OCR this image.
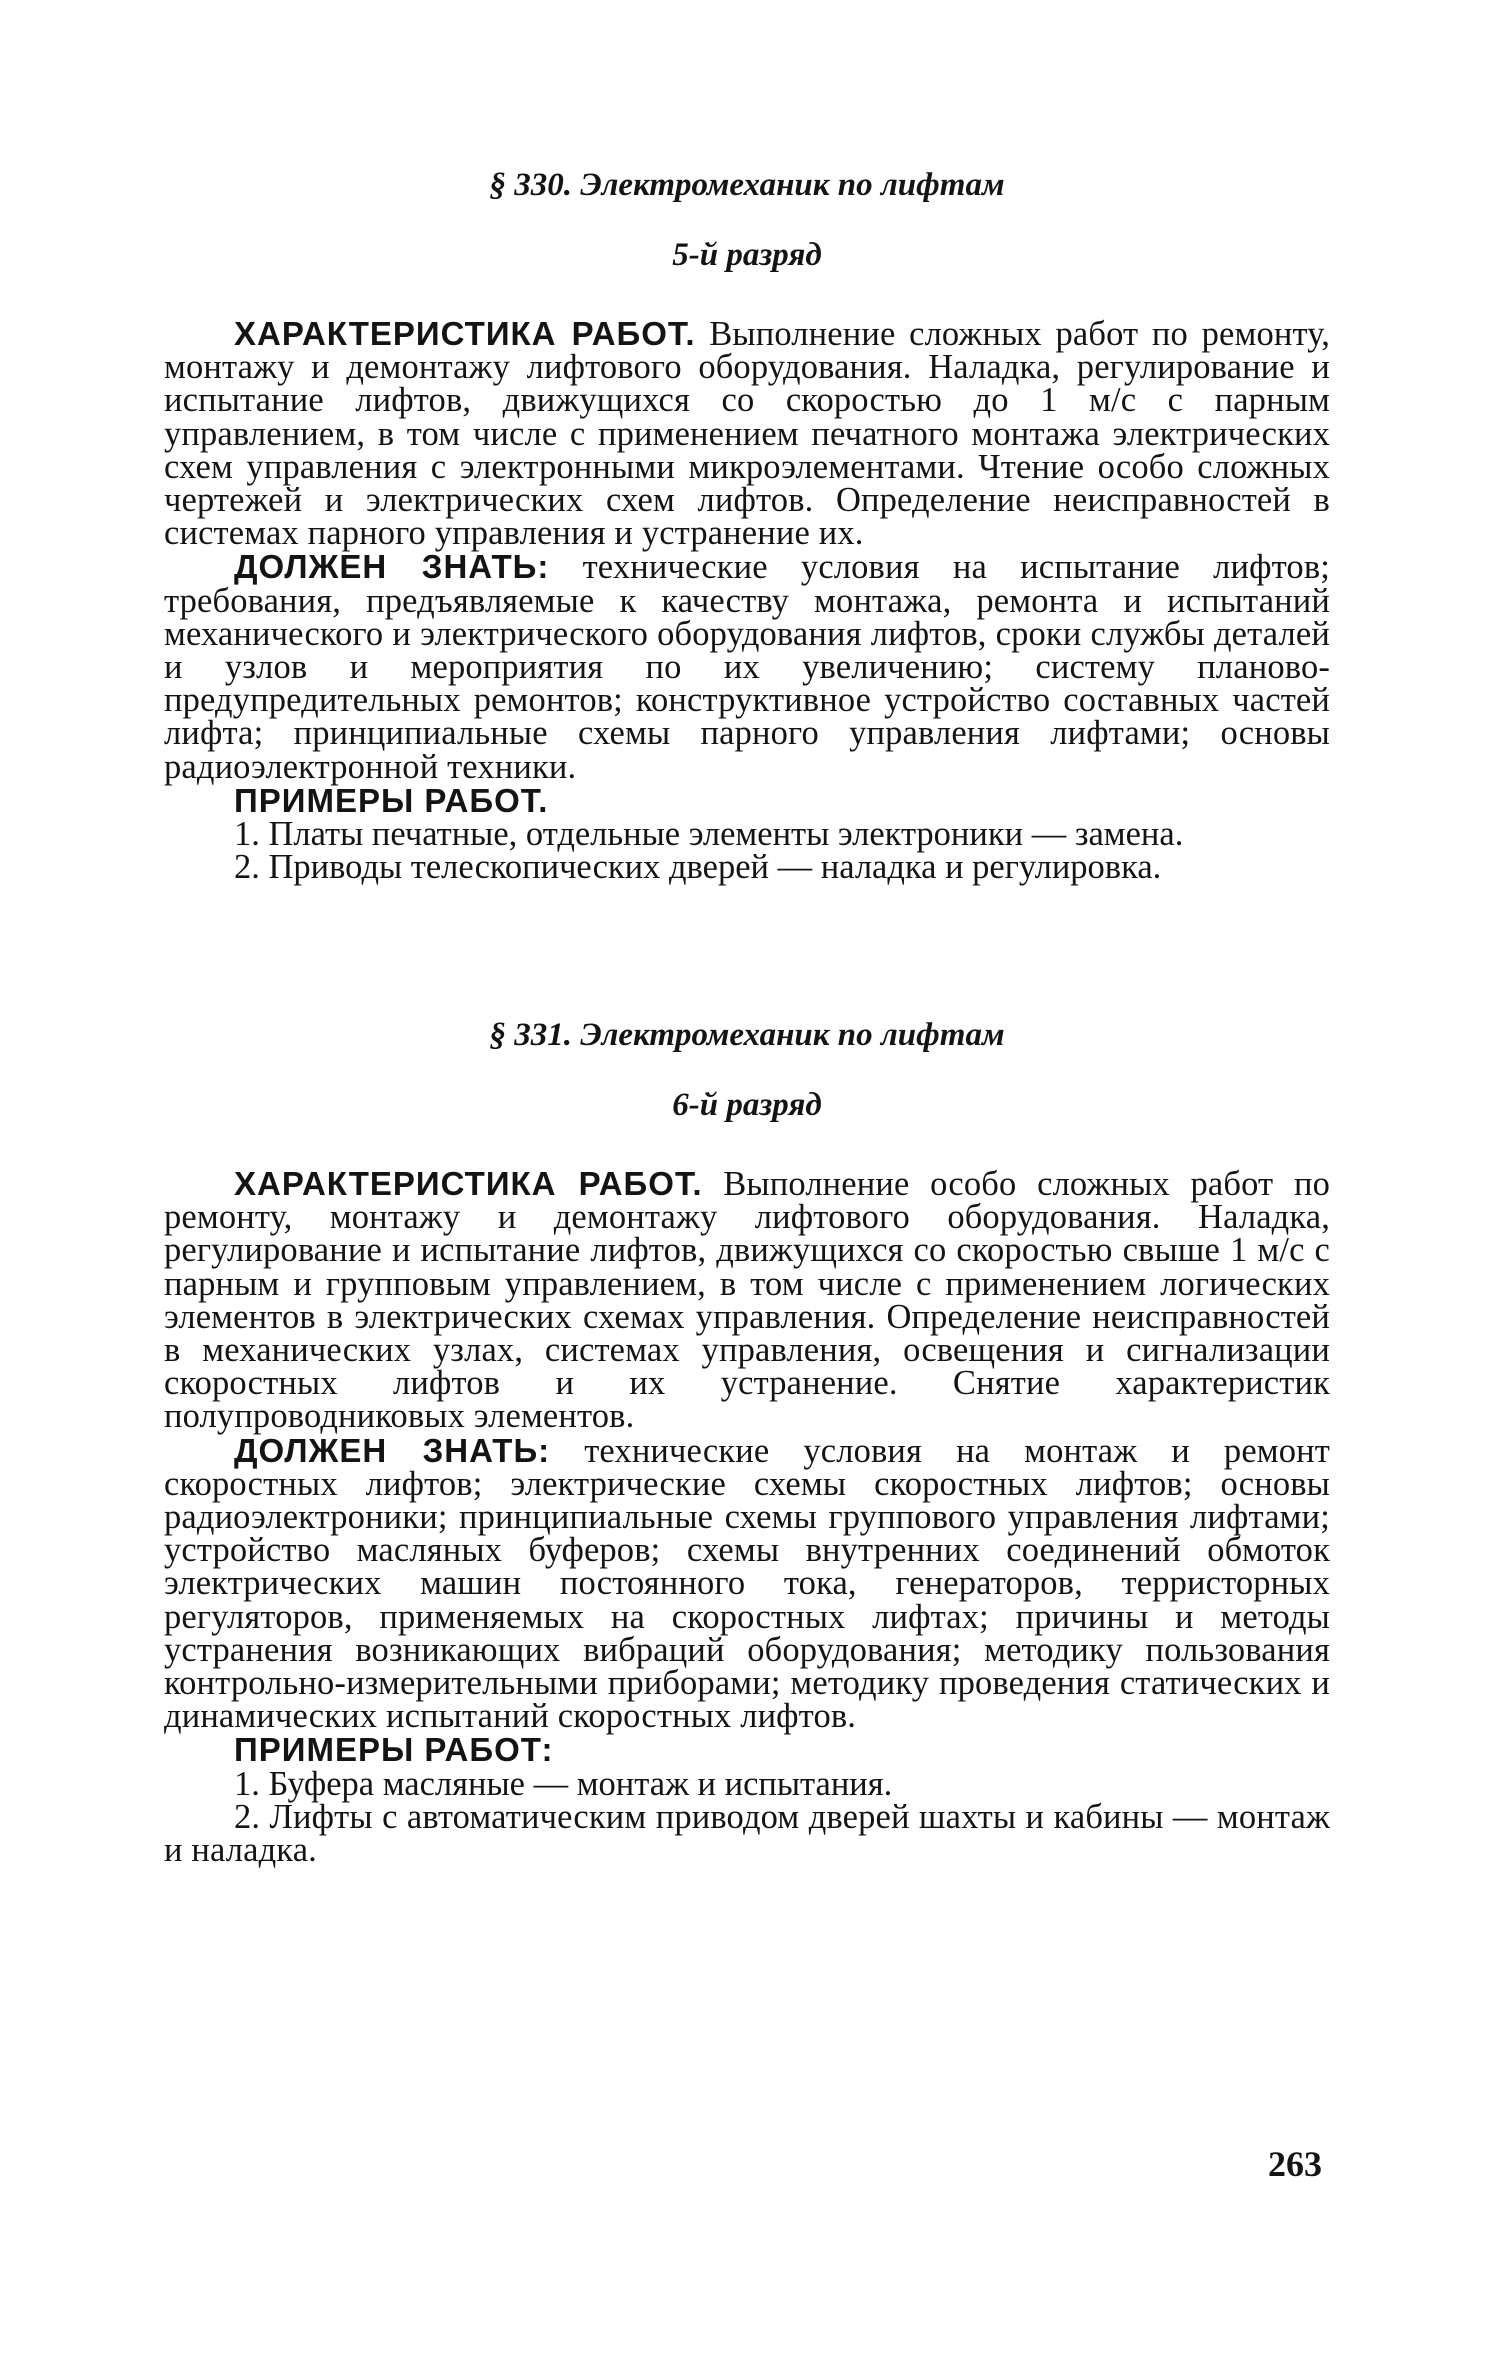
§ 330. Электромеханик по лифтам

5-й разряд

ХАРАКТЕРИСТИКА РАБОТ. Выполнение сложных работ по ремонту, монтажу и демонтажу лифтового оборудования. Наладка, регулирование и испытание лифтов, движущихся со скоростью до 1 м/с с парным управлением, в том числе с применением печатного монтажа электрических схем управления с электронными микроэлементами. Чтение особо сложных чертежей и электрических схем лифтов. Определение неисправностей в системах парного управления и устранение их.

ДОЛЖЕН ЗНАТЬ: технические условия на испытание лифтов; требования, предъявляемые к качеству монтажа, ремонта и испытаний механического и электрического оборудования лифтов, сроки службы деталей и узлов и мероприятия по их увеличению; систему планово-предупредительных ремонтов; конструктивное устройство составных частей лифта; принципиальные схемы парного управления лифтами; основы радиоэлектронной техники.

ПРИМЕРЫ РАБОТ.

1. Платы печатные, отдельные элементы электроники — замена.

2. Приводы телескопических дверей — наладка и регулировка.

§ 331. Электромеханик по лифтам

6-й разряд

ХАРАКТЕРИСТИКА РАБОТ. Выполнение особо сложных работ по ремонту, монтажу и демонтажу лифтового оборудования. Наладка, регулирование и испытание лифтов, движущихся со скоростью свыше 1 м/с с парным и групповым управлением, в том числе с применением логических элементов в электрических схемах управления. Определение неисправностей в механических узлах, системах управления, освещения и сигнализации скоростных лифтов и их устранение. Снятие характеристик полупроводниковых элементов.

ДОЛЖЕН ЗНАТЬ: технические условия на монтаж и ремонт скоростных лифтов; электрические схемы скоростных лифтов; основы радиоэлектроники; принципиальные схемы группового управления лифтами; устройство масляных буферов; схемы внутренних соединений обмоток электрических машин постоянного тока, генераторов, терристорных регуляторов, применяемых на скоростных лифтах; причины и методы устранения возникающих вибраций оборудования; методику пользования контрольно-измерительными приборами; методику проведения статических и динамических испытаний скоростных лифтов.

ПРИМЕРЫ РАБОТ:

1. Буфера масляные — монтаж и испытания.

2. Лифты с автоматическим приводом дверей шахты и кабины — монтаж и наладка.

263
